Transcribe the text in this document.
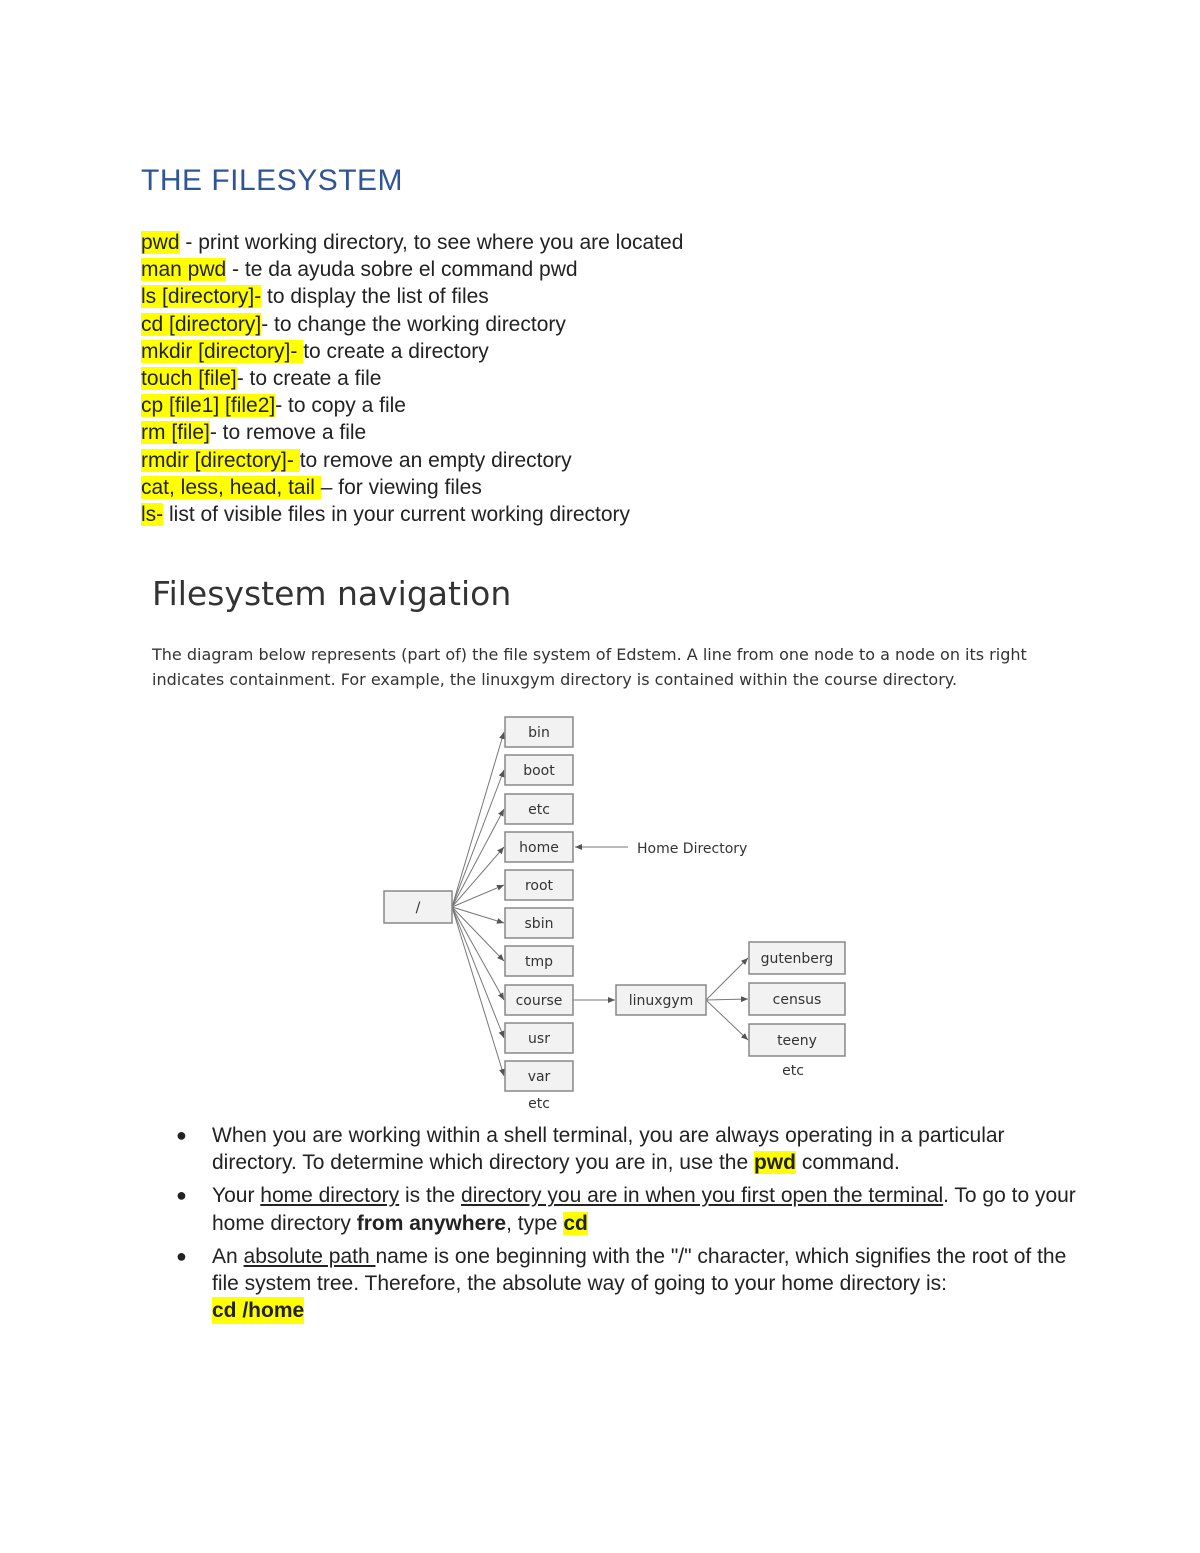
THE FILESYSTEM
pwd - print working directory, to see where you are located
man pwd - te da ayuda sobre el command pwd
ls [directory]- to display the list of files
cd [directory]- to change the working directory
mkdir [directory]- to create a directory
touch [file]- to create a file
cp [file1] [file2]- to copy a file
rm [file]- to remove a file
rmdir [directory]- to remove an empty directory
cat, less, head, tail – for viewing files
ls- list of visible files in your current working directory
Filesystem navigation

The diagram below represents (part of) the file system of Edstem. A line from one node to a node on its right indicates containment. For example, the linuxgym directory is contained within the course directory.

/
bin
boot
etc
home
root
sbin
tmp
course
usr
var
etc
Home Directory
linuxgym
gutenberg
census
teeny
etc
● When you are working within a shell terminal, you are always operating in a particular directory. To determine which directory you are in, use the pwd command.
● Your home directory is the directory you are in when you first open the terminal. To go to your home directory from anywhere, type cd
● An absolute path name is one beginning with the "/" character, which signifies the root of the file system tree. Therefore, the absolute way of going to your home directory is:
cd /home
